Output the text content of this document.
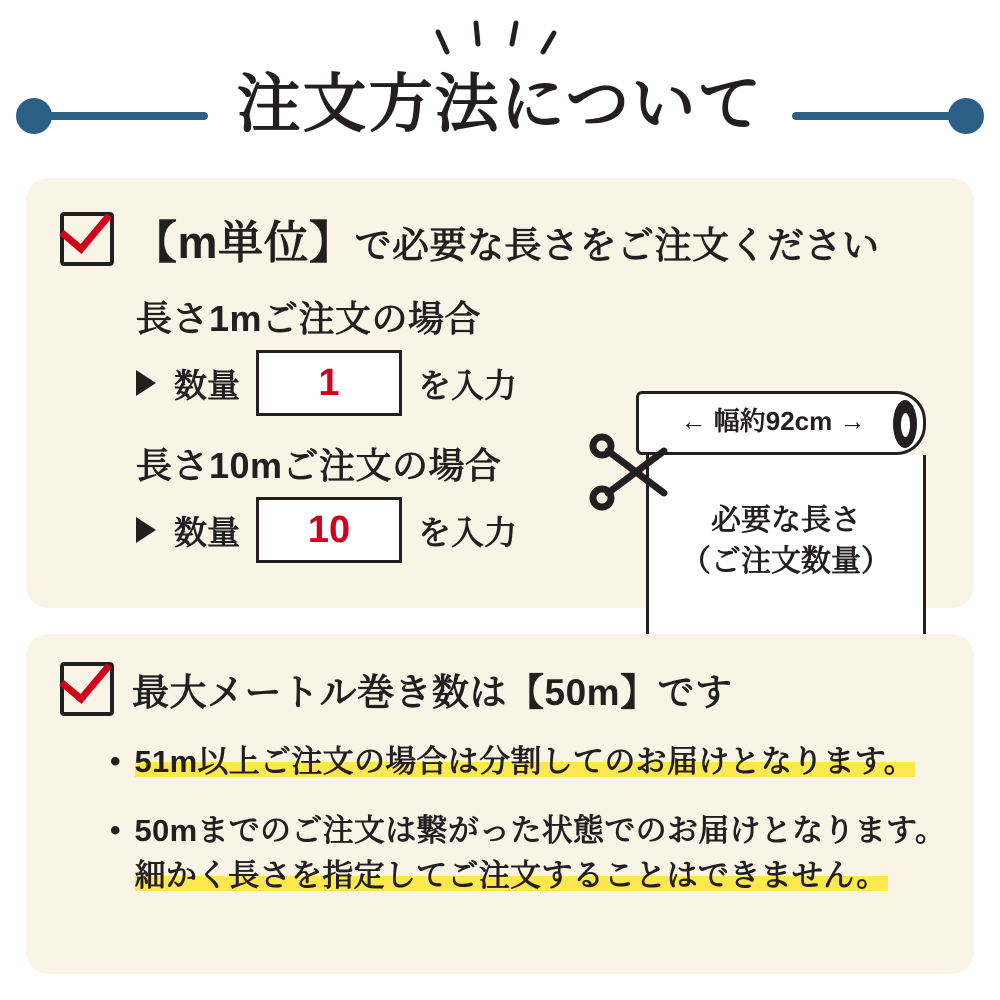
注文方法について
【m単位】で必要な長さをご注文ください
長さ1mご注文の場合
数量	1	を入力
長さ10mご注文の場合
数量	10	を入力
← 幅約92cm →
必要な長さ
（ご注文数量）
最大メートル巻き数は【50m】です
• 51m以上ご注文の場合は分割してのお届けとなります。
• 50mまでのご注文は繋がった状態でのお届けとなります。
細かく長さを指定してご注文することはできません。
